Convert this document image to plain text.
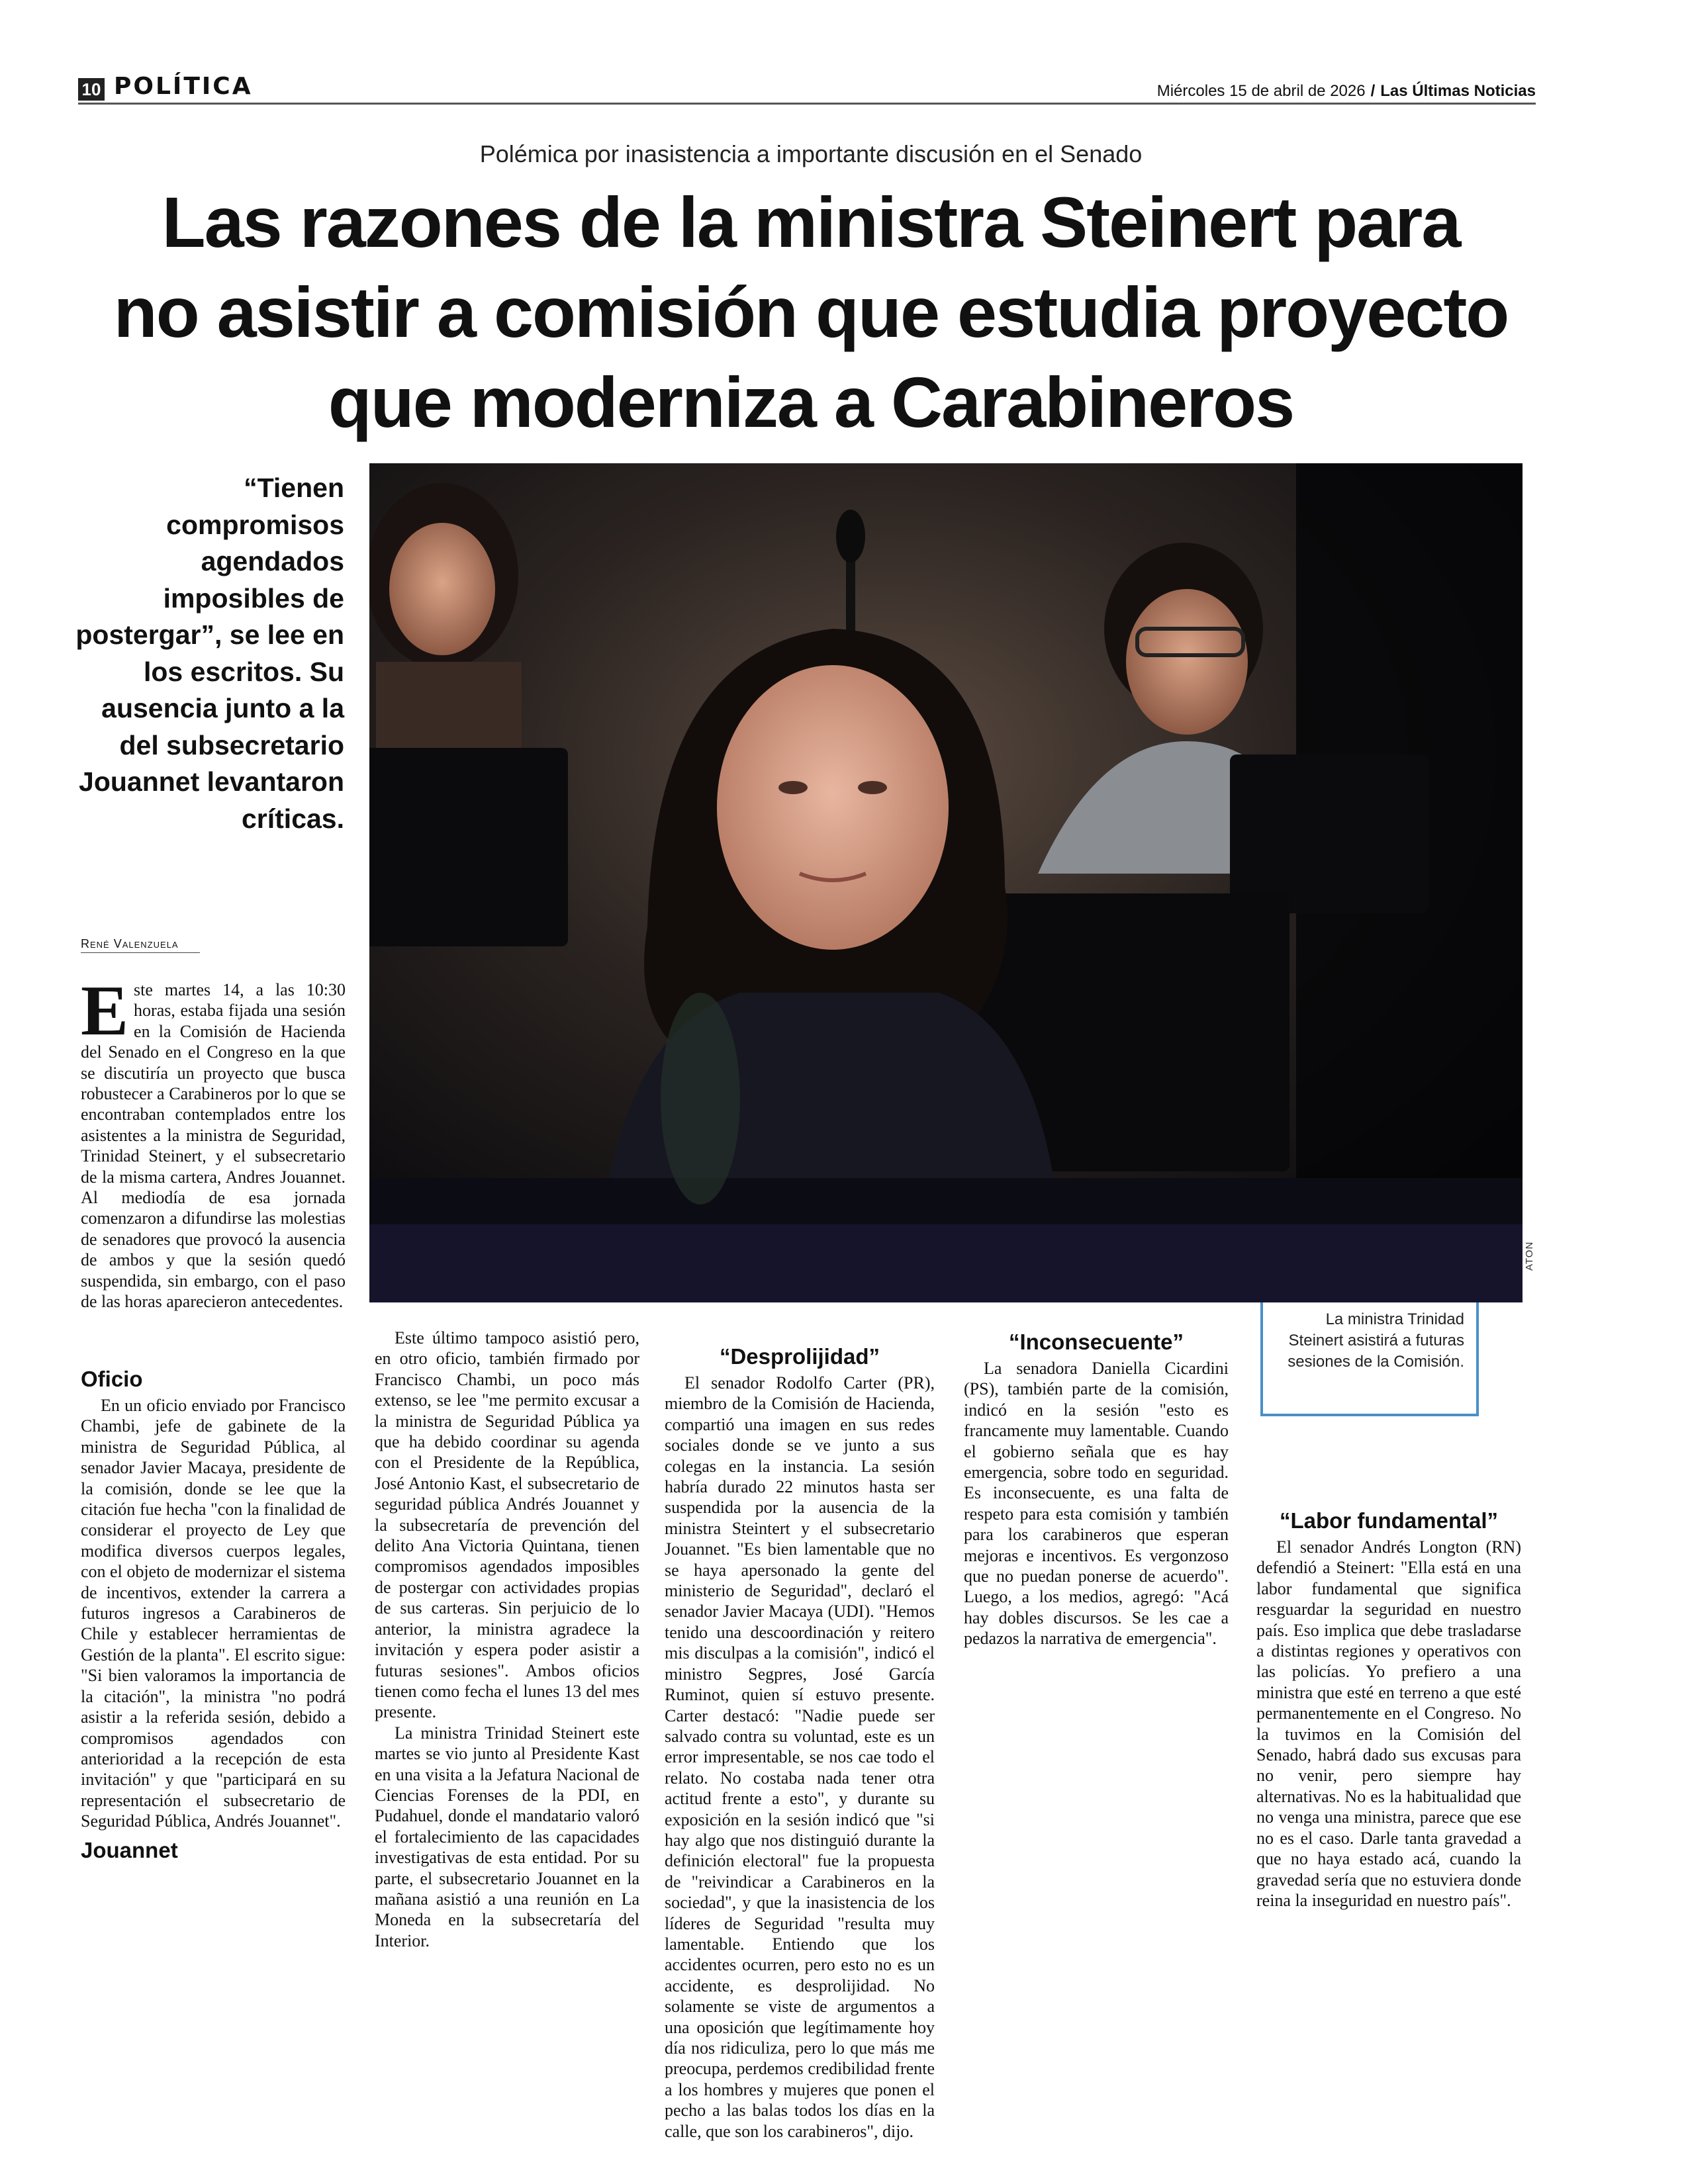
10 POLÍTICA	Miércoles 15 de abril de 2026 / Las Últimas Noticias
Polémica por inasistencia a importante discusión en el Senado
Las razones de la ministra Steinert para
no asistir a comisión que estudia proyecto
que moderniza a Carabineros
“Tienen compromisos agendados imposibles de postergar”, se lee en los escritos. Su ausencia junto a la del subsecretario Jouannet levantaron críticas.
ATON
La ministra Trinidad Steinert asistirá a futuras sesiones de la Comisión.
René Valenzuela

Este martes 14, a las 10:30 horas, estaba fijada una sesión en la Comisión de Hacienda del Senado en el Congreso en la que se discutiría un proyecto que busca robustecer a Carabineros por lo que se encontraban contemplados entre los asistentes a la ministra de Seguridad, Trinidad Steinert, y el subsecretario de la misma cartera, Andres Jouannet. Al mediodía de esa jornada comenzaron a difundirse las molestias de senadores que provocó la ausencia de ambos y que la sesión quedó suspendida, sin embargo, con el paso de las horas aparecieron antecedentes.

Oficio

En un oficio enviado por Francisco Chambi, jefe de gabinete de la ministra de Seguridad Pública, al senador Javier Macaya, presidente de la comisión, donde se lee que la citación fue hecha "con la finalidad de considerar el proyecto de Ley que modifica diversos cuerpos legales, con el objeto de modernizar el sistema de incentivos, extender la carrera a futuros ingresos a Carabineros de Chile y establecer herramientas de Gestión de la planta". El escrito sigue: "Si bien valoramos la importancia de la citación", la ministra "no podrá asistir a la referida sesión, debido a compromisos agendados con anterioridad a la recepción de esta invitación" y que "participará en su representación el subsecretario de Seguridad Pública, Andrés Jouannet".

Jouannet

Este último tampoco asistió pero, en otro oficio, también firmado por Francisco Chambi, un poco más extenso, se lee "me permito excusar a la ministra de Seguridad Pública ya que ha debido coordinar su agenda con el Presidente de la República, José Antonio Kast, el subsecretario de seguridad pública Andrés Jouannet y la subsecretaría de prevención del delito Ana Victoria Quintana, tienen compromisos agendados imposibles de postergar con actividades propias de sus carteras. Sin perjuicio de lo anterior, la ministra agradece la invitación y espera poder asistir a futuras sesiones". Ambos oficios tienen como fecha el lunes 13 del mes presente.

La ministra Trinidad Steinert este martes se vio junto al Presidente Kast en una visita a la Jefatura Nacional de Ciencias Forenses de la PDI, en Pudahuel, donde el mandatario valoró el fortalecimiento de las capacidades investigativas de esta entidad. Por su parte, el subsecretario Jouannet en la mañana asistió a una reunión en La Moneda en la subsecretaría del Interior.

“Desprolijidad”

El senador Rodolfo Carter (PR), miembro de la Comisión de Hacienda, compartió una imagen en sus redes sociales donde se ve junto a sus colegas en la instancia. La sesión habría durado 22 minutos hasta ser suspendida por la ausencia de la ministra Steintert y el subsecretario Jouannet. "Es bien lamentable que no se haya apersonado la gente del ministerio de Seguridad", declaró el senador Javier Macaya (UDI). "Hemos tenido una descoordinación y reitero mis disculpas a la comisión", indicó el ministro Segpres, José García Ruminot, quien sí estuvo presente. Carter destacó: "Nadie puede ser salvado contra su voluntad, este es un error impresentable, se nos cae todo el relato. No costaba nada tener otra actitud frente a esto", y durante su exposición en la sesión indicó que "si hay algo que nos distinguió durante la definición electoral" fue la propuesta de "reivindicar a Carabineros en la sociedad", y que la inasistencia de los líderes de Seguridad "resulta muy lamentable. Entiendo que los accidentes ocurren, pero esto no es un accidente, es desprolijidad. No solamente se viste de argumentos a una oposición que legítimamente hoy día nos ridiculiza, pero lo que más me preocupa, perdemos credibilidad frente a los hombres y mujeres que ponen el pecho a las balas todos los días en la calle, que son los carabineros", dijo.

“Inconsecuente”

La senadora Daniella Cicardini (PS), también parte de la comisión, indicó en la sesión "esto es francamente muy lamentable. Cuando el gobierno señala que es hay emergencia, sobre todo en seguridad. Es inconsecuente, es una falta de respeto para esta comisión y también para los carabineros que esperan mejoras e incentivos. Es vergonzoso que no puedan ponerse de acuerdo". Luego, a los medios, agregó: "Acá hay dobles discursos. Se les cae a pedazos la narrativa de emergencia".

“Labor fundamental”

El senador Andrés Longton (RN) defendió a Steinert: "Ella está en una labor fundamental que significa resguardar la seguridad en nuestro país. Eso implica que debe trasladarse a distintas regiones y operativos con las policías. Yo prefiero a una ministra que esté en terreno a que esté permanentemente en el Congreso. No la tuvimos en la Comisión del Senado, habrá dado sus excusas para no venir, pero siempre hay alternativas. No es la habitualidad que no venga una ministra, parece que ese no es el caso. Darle tanta gravedad a que no haya estado acá, cuando la gravedad sería que no estuviera donde reina la inseguridad en nuestro país".
